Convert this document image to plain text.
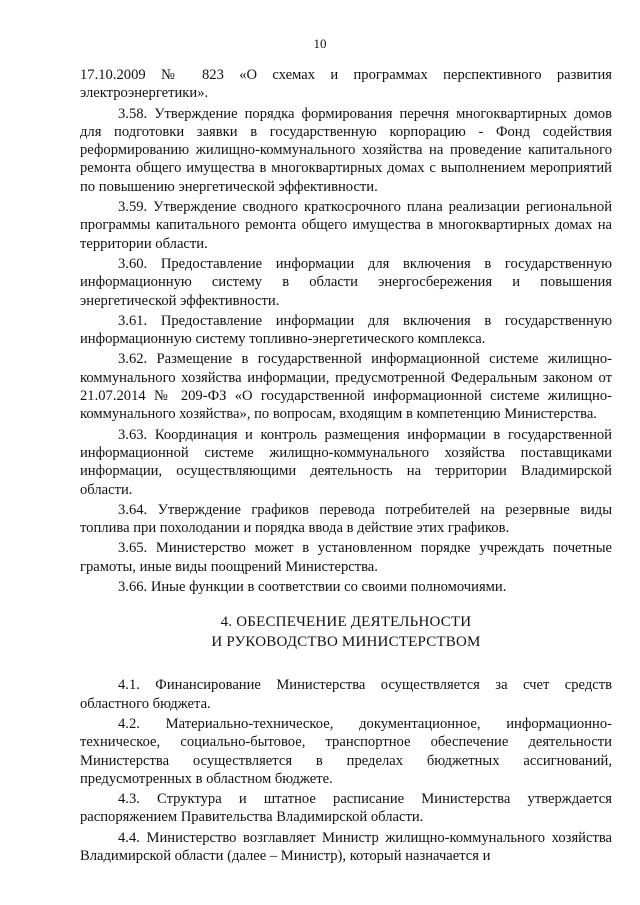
10

17.10.2009 № 823 «О схемах и программах перспективного развития электроэнергетики».

3.58. Утверждение порядка формирования перечня многоквартирных домов для подготовки заявки в государственную корпорацию - Фонд содействия реформированию жилищно-коммунального хозяйства на проведение капитального ремонта общего имущества в многоквартирных домах с выполнением мероприятий по повышению энергетической эффективности.

3.59. Утверждение сводного краткосрочного плана реализации региональной программы капитального ремонта общего имущества в многоквартирных домах на территории области.

3.60. Предоставление информации для включения в государственную информационную систему в области энергосбережения и повышения энергетической эффективности.

3.61. Предоставление информации для включения в государственную информационную систему топливно-энергетического комплекса.

3.62. Размещение в государственной информационной системе жилищно-коммунального хозяйства информации, предусмотренной Федеральным законом от 21.07.2014 № 209-ФЗ «О государственной информационной системе жилищно-коммунального хозяйства», по вопросам, входящим в компетенцию Министерства.

3.63. Координация и контроль размещения информации в государственной информационной системе жилищно-коммунального хозяйства поставщиками информации, осуществляющими деятельность на территории Владимирской области.

3.64. Утверждение графиков перевода потребителей на резервные виды топлива при похолодании и порядка ввода в действие этих графиков.

3.65. Министерство может в установленном порядке учреждать почетные грамоты, иные виды поощрений Министерства.

3.66. Иные функции в соответствии со своими полномочиями.

4. ОБЕСПЕЧЕНИЕ ДЕЯТЕЛЬНОСТИ
И РУКОВОДСТВО МИНИСТЕРСТВОМ

4.1. Финансирование Министерства осуществляется за счет средств областного бюджета.

4.2. Материально-техническое, документационное, информационно-техническое, социально-бытовое, транспортное обеспечение деятельности Министерства осуществляется в пределах бюджетных ассигнований, предусмотренных в областном бюджете.

4.3. Структура и штатное расписание Министерства утверждается распоряжением Правительства Владимирской области.

4.4. Министерство возглавляет Министр жилищно-коммунального хозяйства Владимирской области (далее – Министр), который назначается и
